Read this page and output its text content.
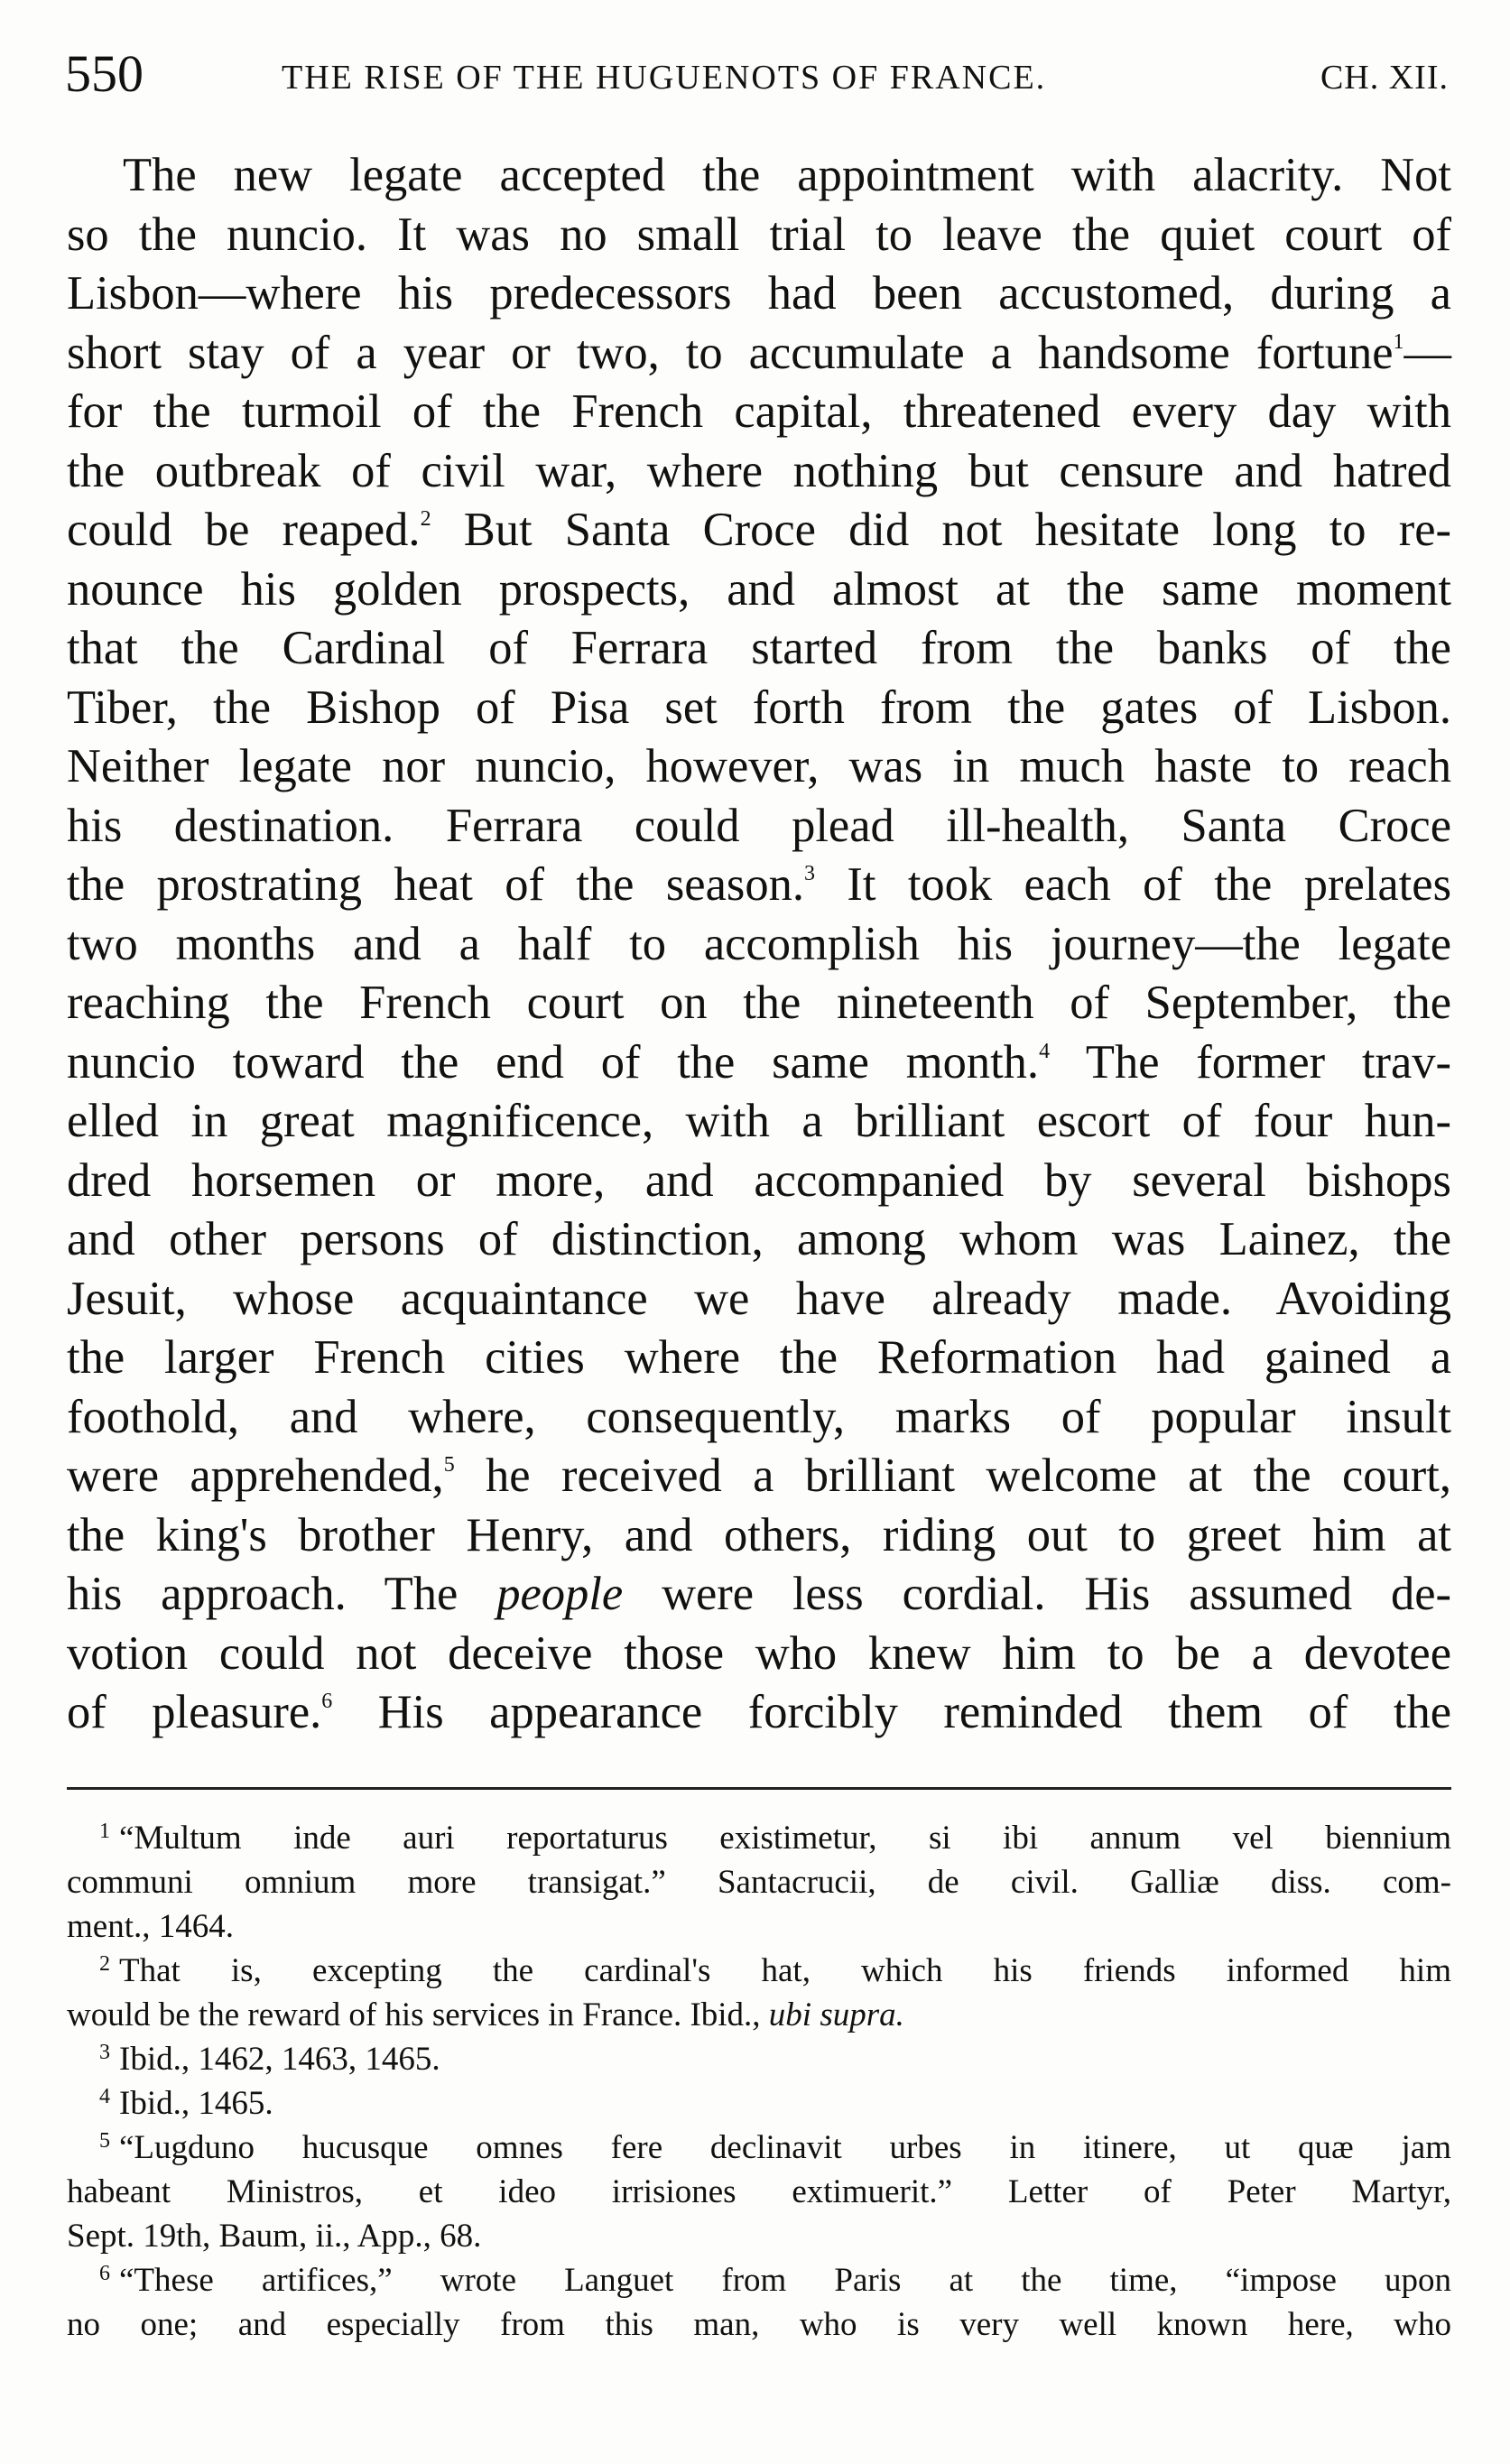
550	THE RISE OF THE HUGUENOTS OF FRANCE.	CH. XII.
The new legate accepted the appointment with alacrity. Not
so the nuncio. It was no small trial to leave the quiet court of
Lisbon—where his predecessors had been accustomed, during a
short stay of a year or two, to accumulate a handsome fortune$^1$—
for the turmoil of the French capital, threatened every day with
the outbreak of civil war, where nothing but censure and hatred
could be reaped.$^2$ But Santa Croce did not hesitate long to re-
nounce his golden prospects, and almost at the same moment
that the Cardinal of Ferrara started from the banks of the
Tiber, the Bishop of Pisa set forth from the gates of Lisbon.
Neither legate nor nuncio, however, was in much haste to reach
his destination. Ferrara could plead ill-health, Santa Croce
the prostrating heat of the season.$^3$ It took each of the prelates
two months and a half to accomplish his journey—the legate
reaching the French court on the nineteenth of September, the
nuncio toward the end of the same month.$^4$ The former trav-
elled in great magnificence, with a brilliant escort of four hun-
dred horsemen or more, and accompanied by several bishops
and other persons of distinction, among whom was Lainez, the
Jesuit, whose acquaintance we have already made. Avoiding
the larger French cities where the Reformation had gained a
foothold, and where, consequently, marks of popular insult
were apprehended,$^5$ he received a brilliant welcome at the court,
the king's brother Henry, and others, riding out to greet him at
his approach. The people were less cordial. His assumed de-
votion could not deceive those who knew him to be a devotee
of pleasure.$^6$ His appearance forcibly reminded them of the
$^1$ “Multum inde auri reportaturus existimetur, si ibi annum vel biennium
communi omnium more transigat.” Santacrucii, de civil. Galliæ diss. com-
ment., 1464.
$^2$ That is, excepting the cardinal's hat, which his friends informed him
would be the reward of his services in France. Ibid., ubi supra.
$^3$ Ibid., 1462, 1463, 1465.
$^4$ Ibid., 1465.
$^5$ “Lugduno hucusque omnes fere declinavit urbes in itinere, ut quæ jam
habeant Ministros, et ideo irrisiones extimuerit.” Letter of Peter Martyr,
Sept. 19th, Baum, ii., App., 68.
$^6$ “These artifices,” wrote Languet from Paris at the time, “impose upon
no one; and especially from this man, who is very well known here, who
